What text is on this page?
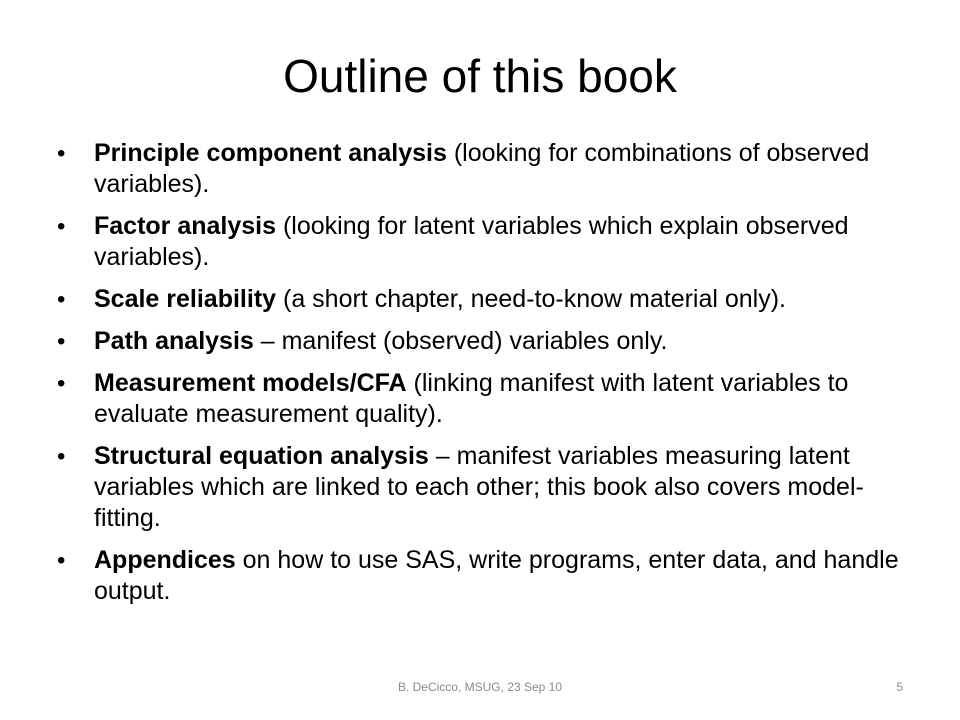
Outline of this book
• Principle component analysis (looking for combinations of observed variables).
• Factor analysis (looking for latent variables which explain observed variables).
• Scale reliability (a short chapter, need-to-know material only).
• Path analysis – manifest (observed) variables only.
• Measurement models/CFA (linking manifest with latent variables to evaluate measurement quality).
• Structural equation analysis – manifest variables measuring latent variables which are linked to each other; this book also covers model-fitting.
• Appendices on how to use SAS, write programs, enter data, and handle output.
B. DeCicco, MSUG, 23 Sep 10	5
